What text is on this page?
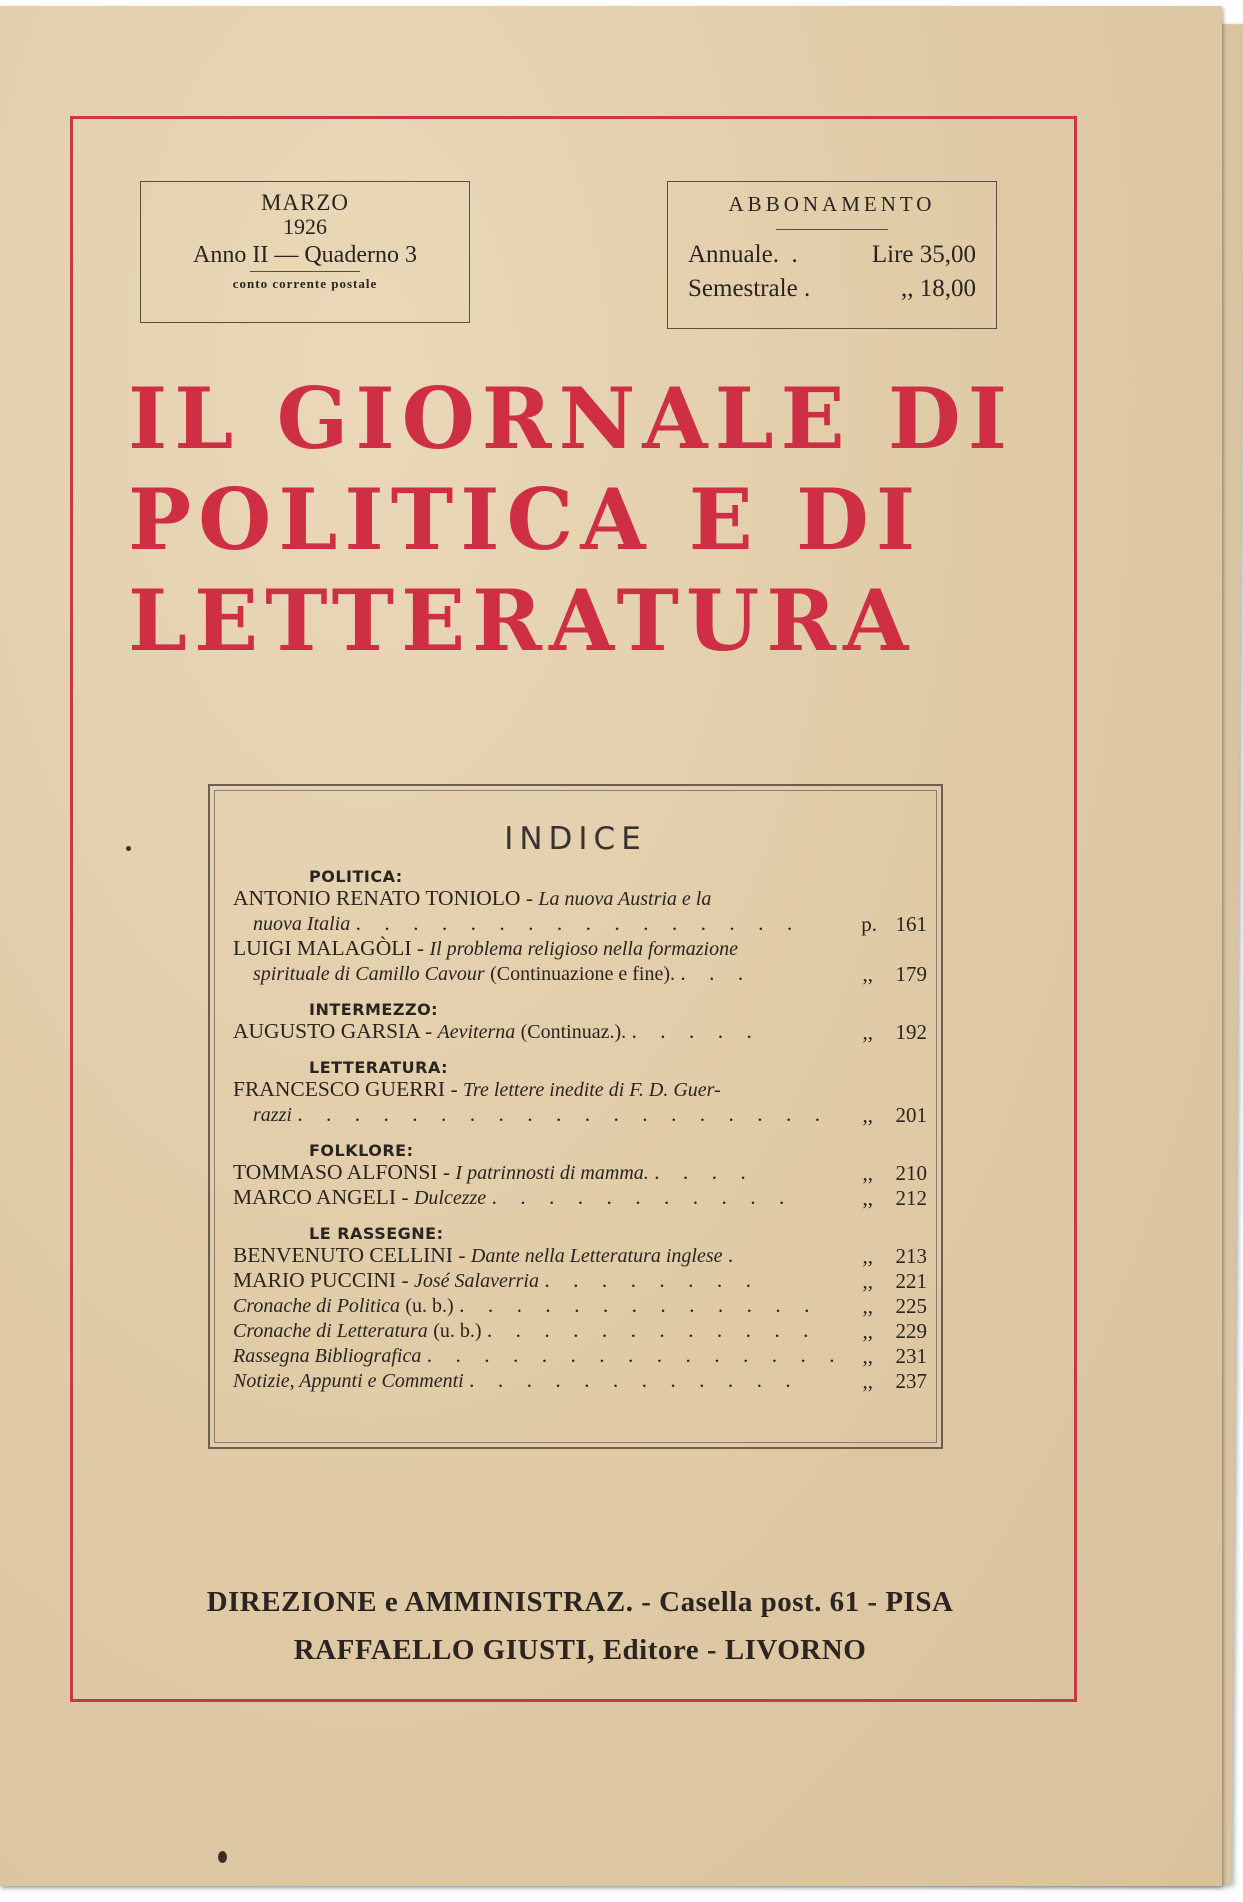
MARZO
1926
Anno II — Quaderno 3
conto corrente postale
ABBONAMENTO
Annuale. .	Lire 35,00
Semestrale .	,, 18,00
IL GIORNALE DI
POLITICA E DI
LETTERATURA
INDICE
POLITICA:
ANTONIO RENATO TONIOLO - La nuova Austria e la
nuova Italia . . . . . . . . . . . . . . . .	p. 161
LUIGI MALAGÒLI - Il problema religioso nella formazione
spirituale di Camillo Cavour (Continuazione e fine). . . .	,, 179
INTERMEZZO:
AUGUSTO GARSIA - Aeviterna (Continuaz.). . . . . .	,, 192
LETTERATURA:
FRANCESCO GUERRI - Tre lettere inedite di F. D. Guer-
razzi . . . . . . . . . . . . . . . . . . .	,, 201
FOLKLORE:
TOMMASO ALFONSI - I patrinnosti di mamma. . . . .	,, 210
MARCO ANGELI - Dulcezze . . . . . . . . . . .	,, 212
LE RASSEGNE:
BENVENUTO CELLINI - Dante nella Letteratura inglese .	,, 213
MARIO PUCCINI - José Salaverria . . . . . . . .	,, 221
Cronache di Politica (u. b.) . . . . . . . . . . . . .	,, 225
Cronache di Letteratura (u. b.) . . . . . . . . . . . .	,, 229
Rassegna Bibliografica . . . . . . . . . . . . . . . ,, 231
Notizie, Appunti e Commenti . . . . . . . . . . . .	,, 237
DIREZIONE e AMMINISTRAZ. - Casella post. 61 - PISA
RAFFAELLO GIUSTI, Editore - LIVORNO
